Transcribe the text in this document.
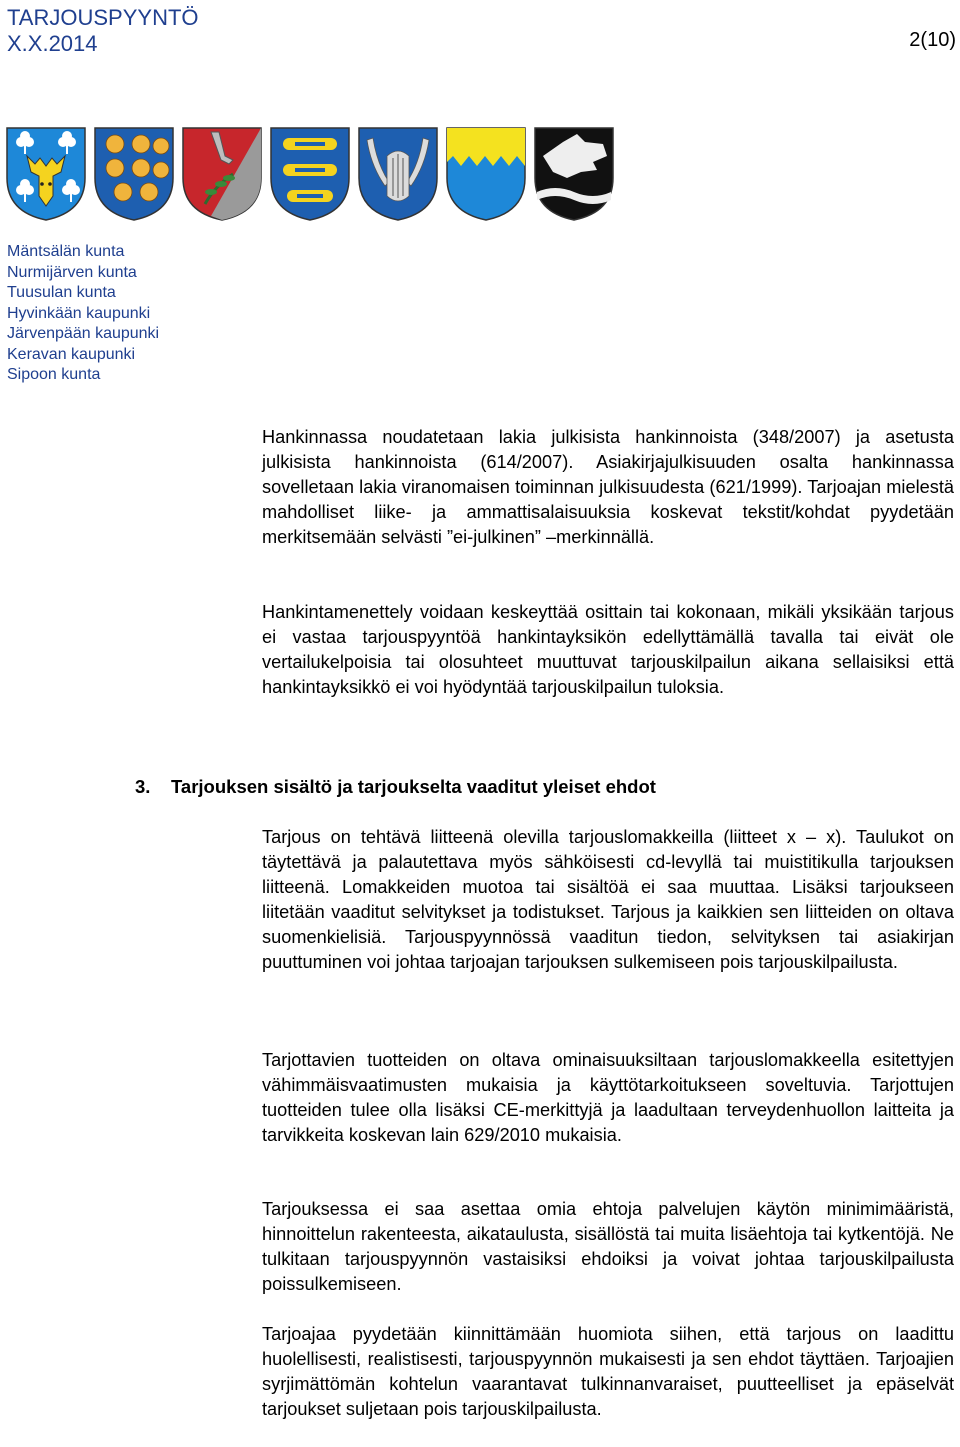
TARJOUSPYYNTÖ
X.X.2014	2(10)
Mäntsälän kunta
Nurmijärven kunta
Tuusulan kunta
Hyvinkään kaupunki
Järvenpään kaupunki
Keravan kaupunki
Sipoon kunta

Hankinnassa noudatetaan lakia julkisista hankinnoista (348/2007) ja asetusta julkisista hankinnoista (614/2007). Asiakirjajulkisuuden osalta hankinnassa sovelletaan lakia viranomaisen toiminnan julkisuudesta (621/1999). Tarjoajan mielestä mahdolliset liike- ja ammattisalaisuuksia koskevat tekstit/kohdat pyydetään merkitsemään selvästi ”ei-julkinen” –merkinnällä.

Hankintamenettely voidaan keskeyttää osittain tai kokonaan, mikäli yksikään tarjous ei vastaa tarjouspyyntöä hankintayksikön edellyttämällä tavalla tai eivät ole vertailukelpoisia tai olosuhteet muuttuvat tarjouskilpailun aikana sellaisiksi että hankintayksikkö ei voi hyödyntää tarjouskilpailun tuloksia.

3. Tarjouksen sisältö ja tarjoukselta vaaditut yleiset ehdot

Tarjous on tehtävä liitteenä olevilla tarjouslomakkeilla (liitteet x – x). Taulukot on täytettävä ja palautettava myös sähköisesti cd-levyllä tai muistitikulla tarjouksen liitteenä. Lomakkeiden muotoa tai sisältöä ei saa muuttaa. Lisäksi tarjoukseen liitetään vaaditut selvitykset ja todistukset. Tarjous ja kaikkien sen liitteiden on oltava suomenkielisiä. Tarjouspyynnössä vaaditun tiedon, selvityksen tai asiakirjan puuttuminen voi johtaa tarjoajan tarjouksen sulkemiseen pois tarjouskilpailusta.

Tarjottavien tuotteiden on oltava ominaisuuksiltaan tarjouslomakkeella esitettyjen vähimmäisvaatimusten mukaisia ja käyttötarkoitukseen soveltuvia. Tarjottujen tuotteiden tulee olla lisäksi CE-merkittyjä ja laadultaan terveydenhuollon laitteita ja tarvikkeita koskevan lain 629/2010 mukaisia.

Tarjouksessa ei saa asettaa omia ehtoja palvelujen käytön minimimääristä, hinnoittelun rakenteesta, aikataulusta, sisällöstä tai muita lisäehtoja tai kytkentöjä. Ne tulkitaan tarjouspyynnön vastaisiksi ehdoiksi ja voivat johtaa tarjouskilpailusta poissulkemiseen.

Tarjoajaa pyydetään kiinnittämään huomiota siihen, että tarjous on laadittu huolellisesti, realistisesti, tarjouspyynnön mukaisesti ja sen ehdot täyttäen. Tarjoajien syrjimättömän kohtelun vaarantavat tulkinnanvaraiset, puutteelliset ja epäselvät tarjoukset suljetaan pois tarjouskilpailusta.
